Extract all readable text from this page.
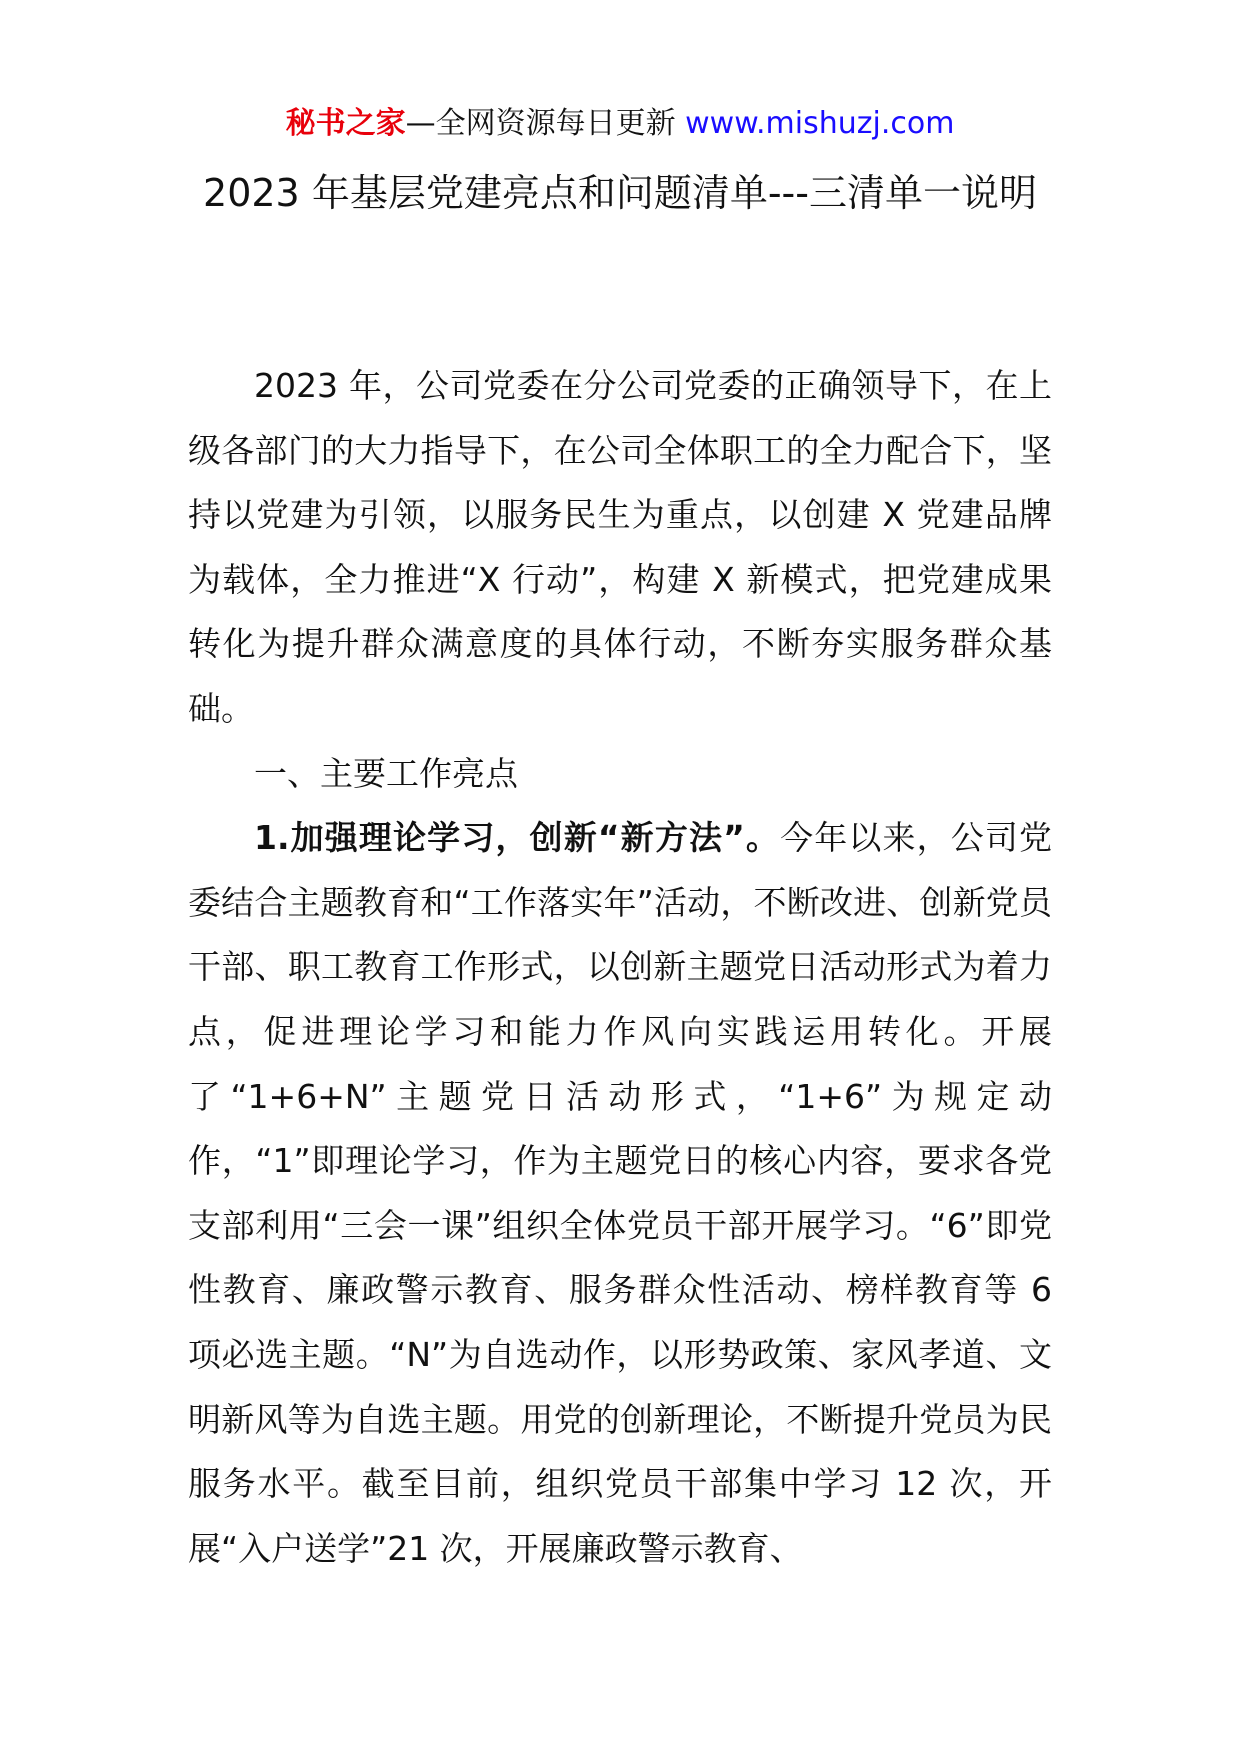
秘书之家—全网资源每日更新 www.mishuzj.com
2023 年基层党建亮点和问题清单---三清单一说明

2023 年，公司党委在分公司党委的正确领导下，在上级各部门的大力指导下，在公司全体职工的全力配合下，坚持以党建为引领，以服务民生为重点，以创建 X 党建品牌为载体，全力推进“X 行动”，构建 X 新模式，把党建成果转化为提升群众满意度的具体行动，不断夯实服务群众基础。

一、主要工作亮点

1.加强理论学习，创新“新方法”。今年以来，公司党委结合主题教育和“工作落实年”活动，不断改进、创新党员干部、职工教育工作形式，以创新主题党日活动形式为着力点，促进理论学习和能力作风向实践运用转化。开展了“1+6+N”主题党日活动形式，“1+6”为规定动作，“1”即理论学习，作为主题党日的核心内容，要求各党支部利用“三会一课”组织全体党员干部开展学习。“6”即党性教育、廉政警示教育、服务群众性活动、榜样教育等 6 项必选主题。“N”为自选动作，以形势政策、家风孝道、文明新风等为自选主题。用党的创新理论，不断提升党员为民服务水平。截至目前，组织党员干部集中学习 12 次，开展“入户送学”21 次，开展廉政警示教育、
